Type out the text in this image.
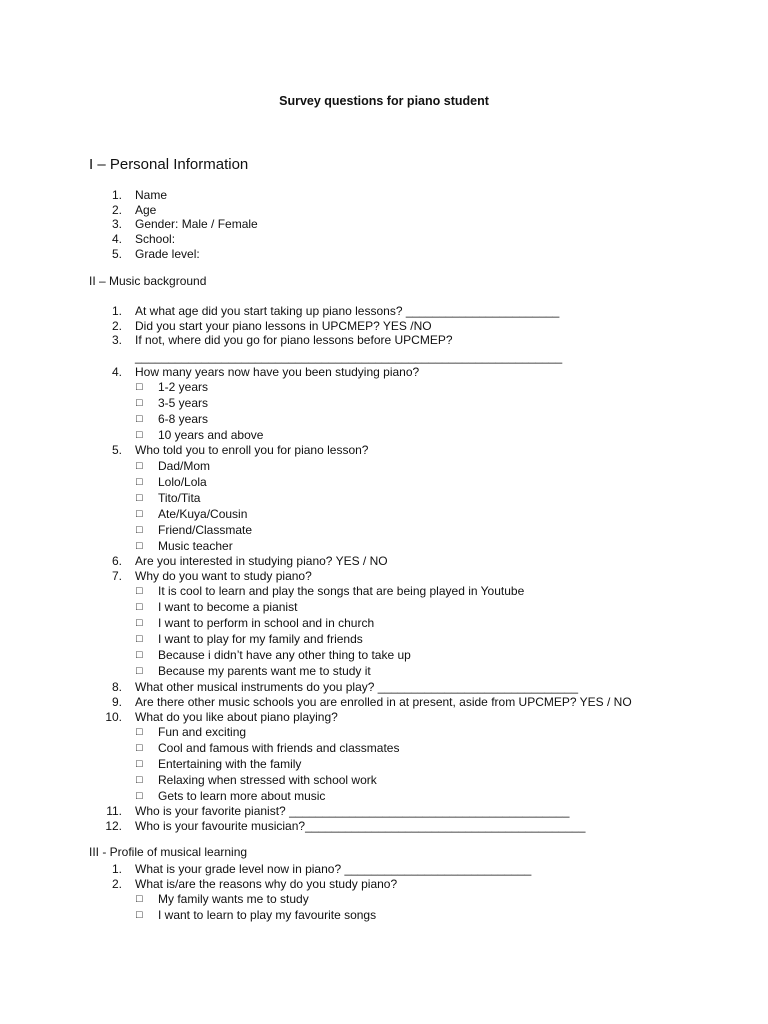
Survey questions for piano student
I – Personal Information
1. Name
2. Age
3. Gender: Male / Female
4. School:
5. Grade level:
II – Music background
1. At what age did you start taking up piano lessons? _______________________
2. Did you start your piano lessons in UPCMEP? YES /NO
3. If not, where did you go for piano lessons before UPCMEP?
________________________________________________________________
4. How many years now have you been studying piano?
□ 1-2 years
□ 3-5 years
□ 6-8 years
□ 10 years and above
5. Who told you to enroll you for piano lesson?
□ Dad/Mom
□ Lolo/Lola
□ Tito/Tita
□ Ate/Kuya/Cousin
□ Friend/Classmate
□ Music teacher
6. Are you interested in studying piano? YES / NO
7. Why do you want to study piano?
□ It is cool to learn and play the songs that are being played in Youtube
□ I want to become a pianist
□ I want to perform in school and in church
□ I want to play for my family and friends
□ Because i didn’t have any other thing to take up
□ Because my parents want me to study it
8. What other musical instruments do you play? ______________________________
9. Are there other music schools you are enrolled in at present, aside from UPCMEP? YES / NO
10. What do you like about piano playing?
□ Fun and exciting
□ Cool and famous with friends and classmates
□ Entertaining with the family
□ Relaxing when stressed with school work
□ Gets to learn more about music
11. Who is your favorite pianist? __________________________________________
12. Who is your favourite musician?__________________________________________
III - Profile of musical learning
1. What is your grade level now in piano? ____________________________
2. What is/are the reasons why do you study piano?
□ My family wants me to study
□ I want to learn to play my favourite songs
